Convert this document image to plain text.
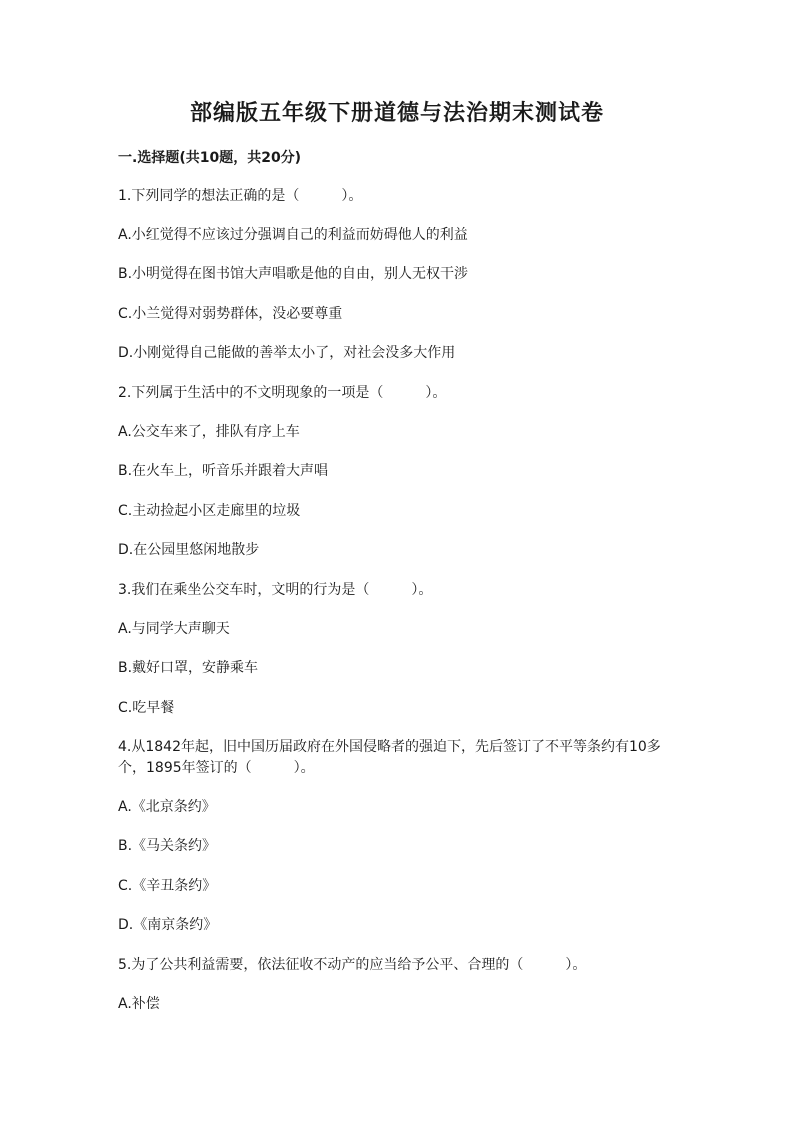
部编版五年级下册道德与法治期末测试卷
一.选择题(共10题，共20分)
1.下列同学的想法正确的是（　　　）。
A.小红觉得不应该过分强调自己的利益而妨碍他人的利益
B.小明觉得在图书馆大声唱歌是他的自由，别人无权干涉
C.小兰觉得对弱势群体，没必要尊重
D.小刚觉得自己能做的善举太小了，对社会没多大作用
2.下列属于生活中的不文明现象的一项是（　　　）。
A.公交车来了，排队有序上车
B.在火车上，听音乐并跟着大声唱
C.主动捡起小区走廊里的垃圾
D.在公园里悠闲地散步
3.我们在乘坐公交车时，文明的行为是（　　　）。
A.与同学大声聊天
B.戴好口罩，安静乘车
C.吃早餐
4.从1842年起，旧中国历届政府在外国侵略者的强迫下，先后签订了不平等条约有10多个，1895年签订的（　　　）。
A.《北京条约》
B.《马关条约》
C.《辛丑条约》
D.《南京条约》
5.为了公共利益需要，依法征收不动产的应当给予公平、合理的（　　　）。
A.补偿
